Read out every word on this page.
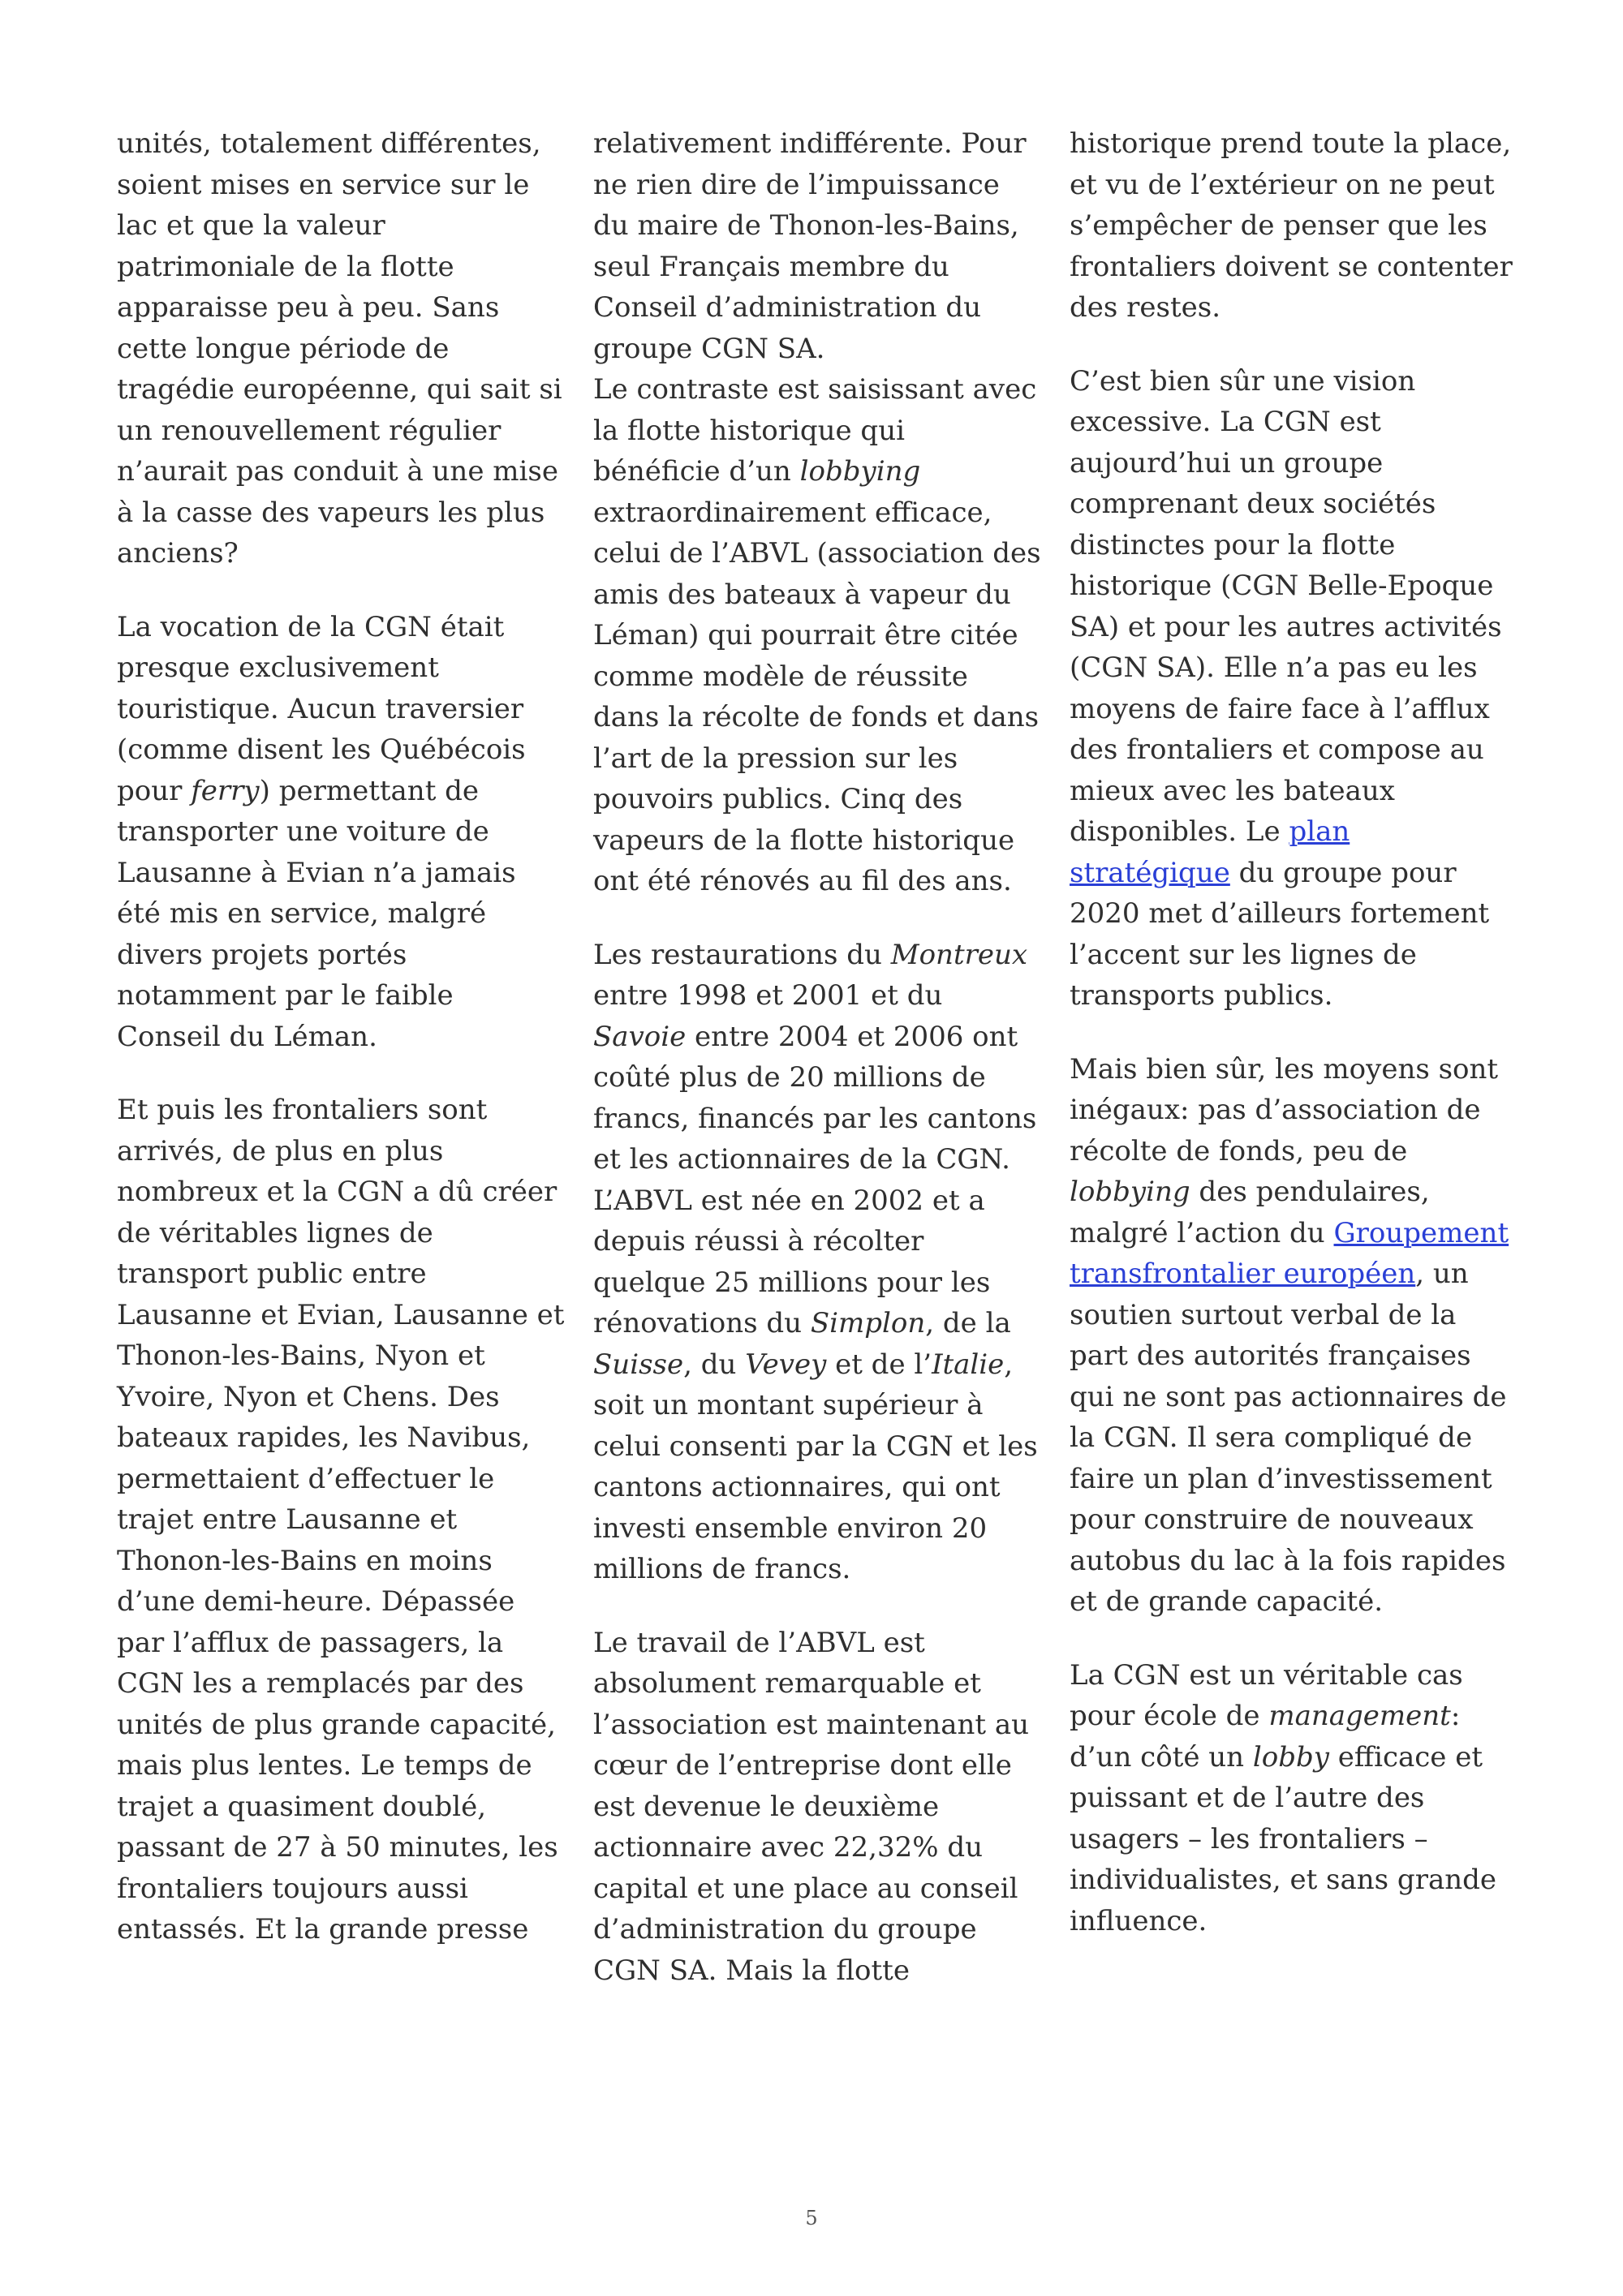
unités, totalement différentes,
soient mises en service sur le
lac et que la valeur
patrimoniale de la flotte
apparaisse peu à peu. Sans
cette longue période de
tragédie européenne, qui sait si
un renouvellement régulier
n’aurait pas conduit à une mise
à la casse des vapeurs les plus
anciens?
La vocation de la CGN était
presque exclusivement
touristique. Aucun traversier
(comme disent les Québécois
pour ferry) permettant de
transporter une voiture de
Lausanne à Evian n’a jamais
été mis en service, malgré
divers projets portés
notamment par le faible
Conseil du Léman.
Et puis les frontaliers sont
arrivés, de plus en plus
nombreux et la CGN a dû créer
de véritables lignes de
transport public entre
Lausanne et Evian, Lausanne et
Thonon-les-Bains, Nyon et
Yvoire, Nyon et Chens. Des
bateaux rapides, les Navibus,
permettaient d’effectuer le
trajet entre Lausanne et
Thonon-les-Bains en moins
d’une demi-heure. Dépassée
par l’afflux de passagers, la
CGN les a remplacés par des
unités de plus grande capacité,
mais plus lentes. Le temps de
trajet a quasiment doublé,
passant de 27 à 50 minutes, les
frontaliers toujours aussi
entassés. Et la grande presse
relativement indifférente. Pour
ne rien dire de l’impuissance
du maire de Thonon-les-Bains,
seul Français membre du
Conseil d’administration du
groupe CGN SA.
Le contraste est saisissant avec
la flotte historique qui
bénéficie d’un lobbying
extraordinairement efficace,
celui de l’ABVL (association des
amis des bateaux à vapeur du
Léman) qui pourrait être citée
comme modèle de réussite
dans la récolte de fonds et dans
l’art de la pression sur les
pouvoirs publics. Cinq des
vapeurs de la flotte historique
ont été rénovés au fil des ans.
Les restaurations du Montreux
entre 1998 et 2001 et du
Savoie entre 2004 et 2006 ont
coûté plus de 20 millions de
francs, financés par les cantons
et les actionnaires de la CGN.
L’ABVL est née en 2002 et a
depuis réussi à récolter
quelque 25 millions pour les
rénovations du Simplon, de la
Suisse, du Vevey et de l’Italie,
soit un montant supérieur à
celui consenti par la CGN et les
cantons actionnaires, qui ont
investi ensemble environ 20
millions de francs.
Le travail de l’ABVL est
absolument remarquable et
l’association est maintenant au
cœur de l’entreprise dont elle
est devenue le deuxième
actionnaire avec 22,32% du
capital et une place au conseil
d’administration du groupe
CGN SA. Mais la flotte
historique prend toute la place,
et vu de l’extérieur on ne peut
s’empêcher de penser que les
frontaliers doivent se contenter
des restes.
C’est bien sûr une vision
excessive. La CGN est
aujourd’hui un groupe
comprenant deux sociétés
distinctes pour la flotte
historique (CGN Belle-Epoque
SA) et pour les autres activités
(CGN SA). Elle n’a pas eu les
moyens de faire face à l’afflux
des frontaliers et compose au
mieux avec les bateaux
disponibles. Le plan
stratégique du groupe pour
2020 met d’ailleurs fortement
l’accent sur les lignes de
transports publics.
Mais bien sûr, les moyens sont
inégaux: pas d’association de
récolte de fonds, peu de
lobbying des pendulaires,
malgré l’action du Groupement
transfrontalier européen, un
soutien surtout verbal de la
part des autorités françaises
qui ne sont pas actionnaires de
la CGN. Il sera compliqué de
faire un plan d’investissement
pour construire de nouveaux
autobus du lac à la fois rapides
et de grande capacité.
La CGN est un véritable cas
pour école de management:
d’un côté un lobby efficace et
puissant et de l’autre des
usagers – les frontaliers –
individualistes, et sans grande
influence.
5
